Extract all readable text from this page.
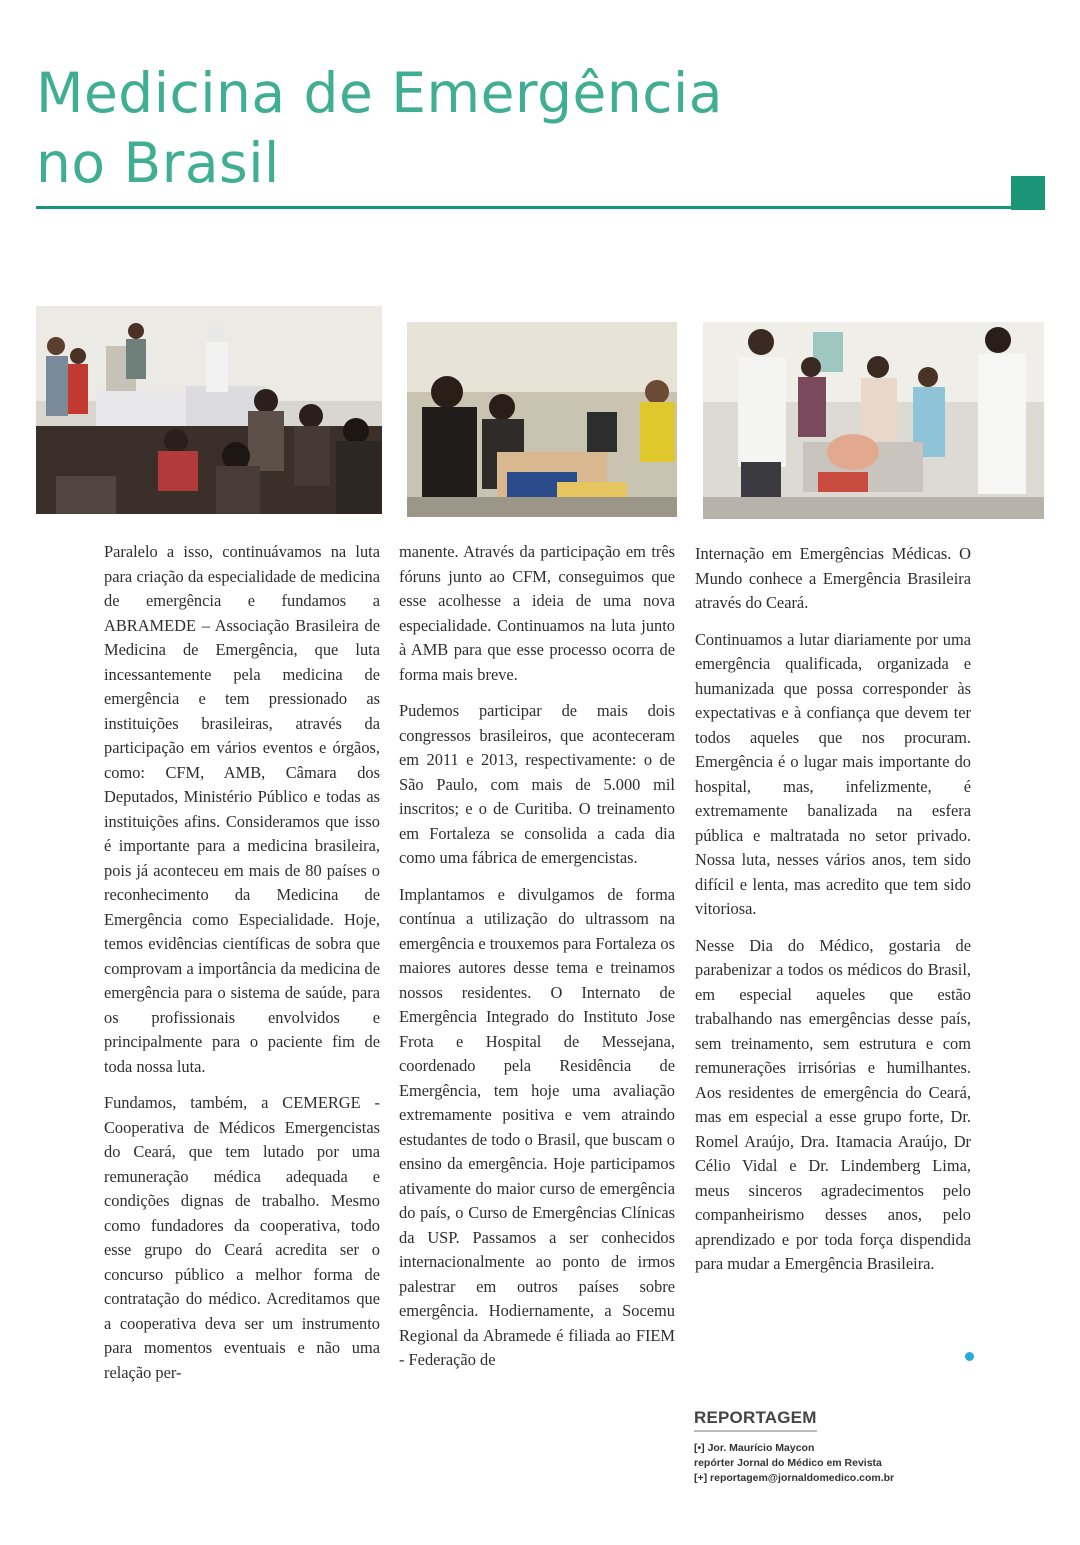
Medicina de Emergência
no Brasil

Paralelo a isso, continuávamos na luta para criação da especialidade de medicina de emergência e fundamos a ABRAMEDE – Associação Brasileira de Medicina de Emergência, que luta incessantemente pela medicina de emergência e tem pressionado as instituições brasileiras, através da participação em vários eventos e órgãos, como: CFM, AMB, Câmara dos Deputados, Ministério Público e todas as instituições afins. Consideramos que isso é importante para a medicina brasileira, pois já aconteceu em mais de 80 países o reconhecimento da Medicina de Emergência como Especialidade. Hoje, temos evidências científicas de sobra que comprovam a importância da medicina de emergência para o sistema de saúde, para os profissionais envolvidos e principalmente para o paciente fim de toda nossa luta.

Fundamos, também, a CEMERGE - Cooperativa de Médicos Emergencistas do Ceará, que tem lutado por uma remuneração médica adequada e condições dignas de trabalho. Mesmo como fundadores da cooperativa, todo esse grupo do Ceará acredita ser o concurso público a melhor forma de contratação do médico. Acreditamos que a cooperativa deva ser um instrumento para momentos eventuais e não uma relação per-

manente. Através da participação em três fóruns junto ao CFM, conseguimos que esse acolhesse a ideia de uma nova especialidade. Continuamos na luta junto à AMB para que esse processo ocorra de forma mais breve.

Pudemos participar de mais dois congressos brasileiros, que aconteceram em 2011 e 2013, respectivamente: o de São Paulo, com mais de 5.000 mil inscritos; e o de Curitiba. O treinamento em Fortaleza se consolida a cada dia como uma fábrica de emergencistas.

Implantamos e divulgamos de forma contínua a utilização do ultrassom na emergência e trouxemos para Fortaleza os maiores autores desse tema e treinamos nossos residentes. O Internato de Emergência Integrado do Instituto Jose Frota e Hospital de Messejana, coordenado pela Residência de Emergência, tem hoje uma avaliação extremamente positiva e vem atraindo estudantes de todo o Brasil, que buscam o ensino da emergência. Hoje participamos ativamente do maior curso de emergência do país, o Curso de Emergências Clínicas da USP. Passamos a ser conhecidos internacionalmente ao ponto de irmos palestrar em outros países sobre emergência. Hodiernamente, a Socemu Regional da Abramede é filiada ao FIEM - Federação de

Internação em Emergências Médicas. O Mundo conhece a Emergência Brasileira através do Ceará.

Continuamos a lutar diariamente por uma emergência qualificada, organizada e humanizada que possa corresponder às expectativas e à confiança que devem ter todos aqueles que nos procuram. Emergência é o lugar mais importante do hospital, mas, infelizmente, é extremamente banalizada na esfera pública e maltratada no setor privado. Nossa luta, nesses vários anos, tem sido difícil e lenta, mas acredito que tem sido vitoriosa.

Nesse Dia do Médico, gostaria de parabenizar a todos os médicos do Brasil, em especial aqueles que estão trabalhando nas emergências desse país, sem treinamento, sem estrutura e com remunerações irrisórias e humilhantes. Aos residentes de emergência do Ceará, mas em especial a esse grupo forte, Dr. Romel Araújo, Dra. Itamacia Araújo, Dr Célio Vidal e Dr. Lindemberg Lima, meus sinceros agradecimentos pelo companheirismo desses anos, pelo aprendizado e por toda força dispendida para mudar a Emergência Brasileira.

REPORTAGEM
[•] Jor. Maurício Maycon
repórter Jornal do Médico em Revista
[+] reportagem@jornaldomedico.com.br
